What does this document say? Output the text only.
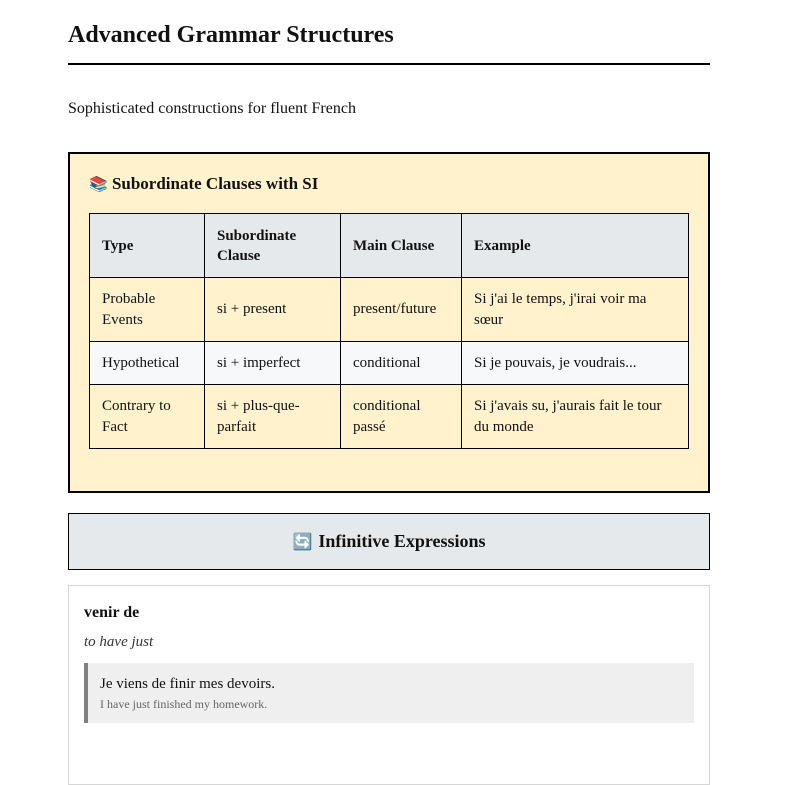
Advanced Grammar Structures

Sophisticated constructions for fluent French

📚 Subordinate Clauses with SI
Type	Subordinate Clause	Main Clause	Example
Probable Events	si + present	present/future	Si j'ai le temps, j'irai voir ma sœur
Hypothetical	si + imperfect	conditional	Si je pouvais, je voudrais...
Contrary to Fact	si + plus-que-parfait	conditional passé	Si j'avais su, j'aurais fait le tour du monde
🔄 Infinitive Expressions
venir de
to have just
Je viens de finir mes devoirs.
I have just finished my homework.
